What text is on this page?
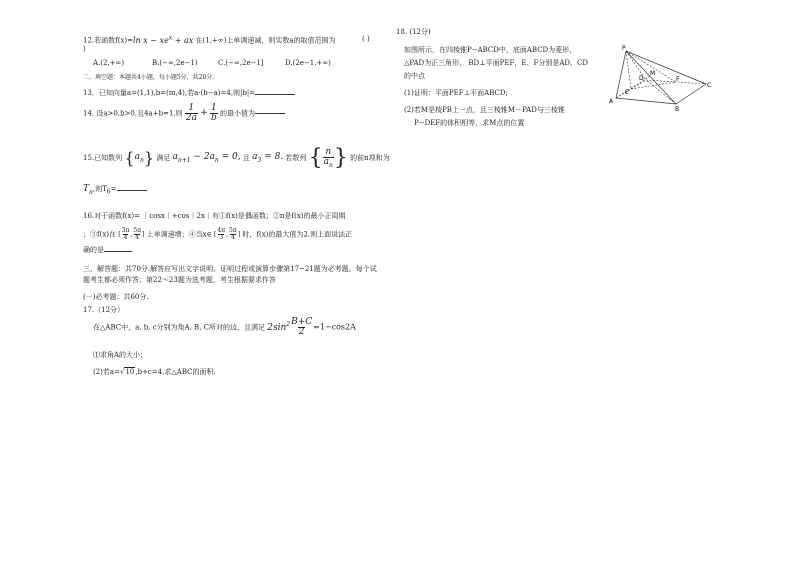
12.若函数f(x)=ln $x - xe^x$ + ax 在(1,+∞)上单调递减，则实数a的取值范围为	( )
)
A.(2,+∞)	B.(−∞,2e−1)	C.(−∞,2e−1]	D.(2e−1,+∞)
二、填空题：本题共4小题，每小题5分，共20分。
13．已知向量a=(1,1),b=(m,4),若a·(b−a)=4,则|b|=
14. 设a>0,b>0,且4a+b=1,则 $\frac{1}{2a} + \frac{1}{b}$ 的最小值为
15.已知数列 $\{a_n\}$ 满足 $a_{n+1} - 2a_n = 0$, 且 $a_3 = 8$. 若数列 { $\frac{n}{a_n}$ } 的前n项和为
$T_n$,则$T_6=$
16.对于函数f(x)= ｜cosx｜+cos｜2x｜有①f(x)是偶函数；②π是f(x)的最小正周期
；③f(x)在 [ $\frac{3\pi}{4}$ , $\frac{5\pi}{4}$ ] 上单调递增；④当x∈ [ $\frac{4\pi}{3}$ , $\frac{5\pi}{4}$ ] 时，f(x)的最大值为2.则上面说法正
确的是
三、解答题：共70分.解答应写出文字说明、证明过程或演算步骤第17~21题为必考题。每个试
题考生都必须作答；第22～23题为选考题，考生根据要求作答
(一)必考题：共60分.
17.（12分）
在△ABC中，a, b, c分别为角A, B, C所对的边，且满足 $2\sin^2 \frac{B+C}{2} =1-\cos 2A$
⑴求角A的大小；
(2)若a=√10,b+c=4,求△ABC的面积.
18. (12分)
如图所示，在四棱锥P−ABCD中，底面ABCD为菱形，
△PAD为正三角形， BD⊥平面PEF，E、F分别是AD、CD
的中点
(1)证明：平面PEF⊥平面ABCD;
(2)若M是棱PB上一点，且三棱锥M－PAD与三棱锥
P−DEF的体积相等，求M点的位置
P
A
B
C
D
E
F
M
